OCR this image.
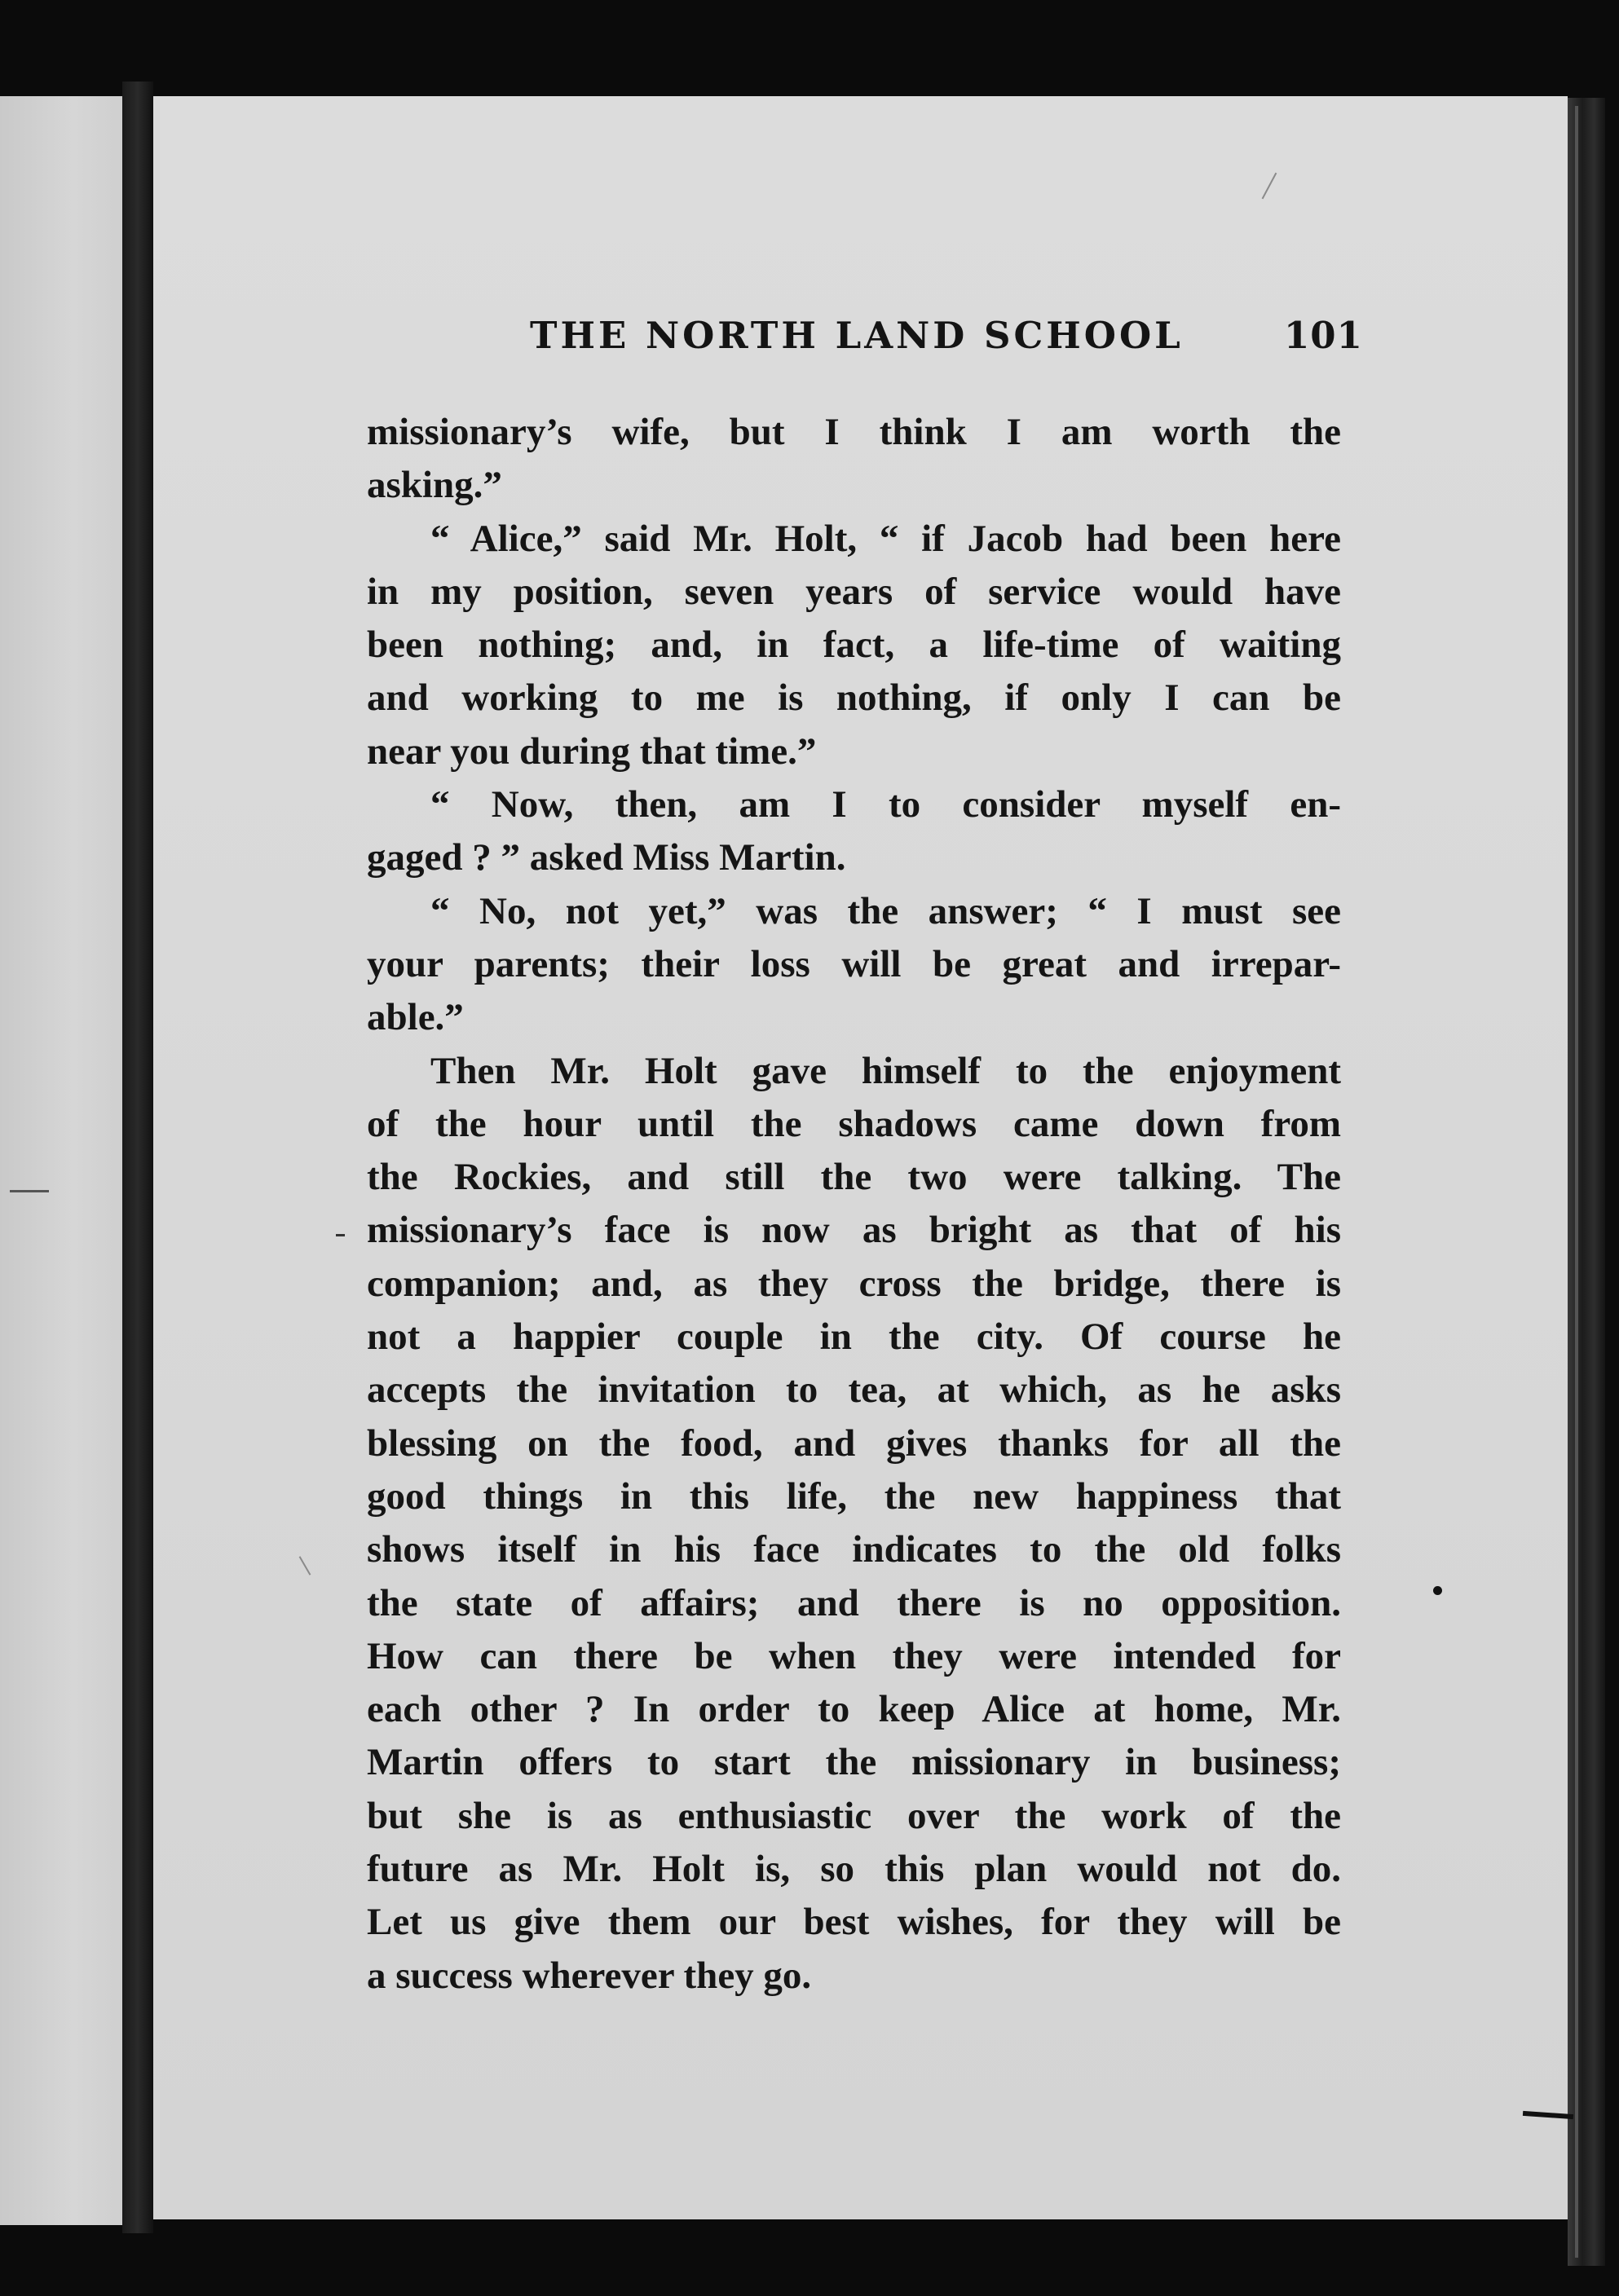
THE NORTH LAND SCHOOL	101
missionary’s wife, but I think I am worth the
asking.”
“ Alice,” said Mr. Holt, “ if Jacob had been here
in my position, seven years of service would have
been nothing; and, in fact, a life-time of waiting
and working to me is nothing, if only I can be
near you during that time.”
“ Now, then, am I to consider myself en-
gaged ? ” asked Miss Martin.
“ No, not yet,” was the answer; “ I must see
your parents; their loss will be great and irrepar-
able.”
Then Mr. Holt gave himself to the enjoyment
of the hour until the shadows came down from
the Rockies, and still the two were talking. The
missionary’s face is now as bright as that of his
companion; and, as they cross the bridge, there is
not a happier couple in the city. Of course he
accepts the invitation to tea, at which, as he asks
blessing on the food, and gives thanks for all the
good things in this life, the new happiness that
shows itself in his face indicates to the old folks
the state of affairs; and there is no opposition.
How can there be when they were intended for
each other ? In order to keep Alice at home, Mr.
Martin offers to start the missionary in business;
but she is as enthusiastic over the work of the
future as Mr. Holt is, so this plan would not do.
Let us give them our best wishes, for they will be
a success wherever they go.
